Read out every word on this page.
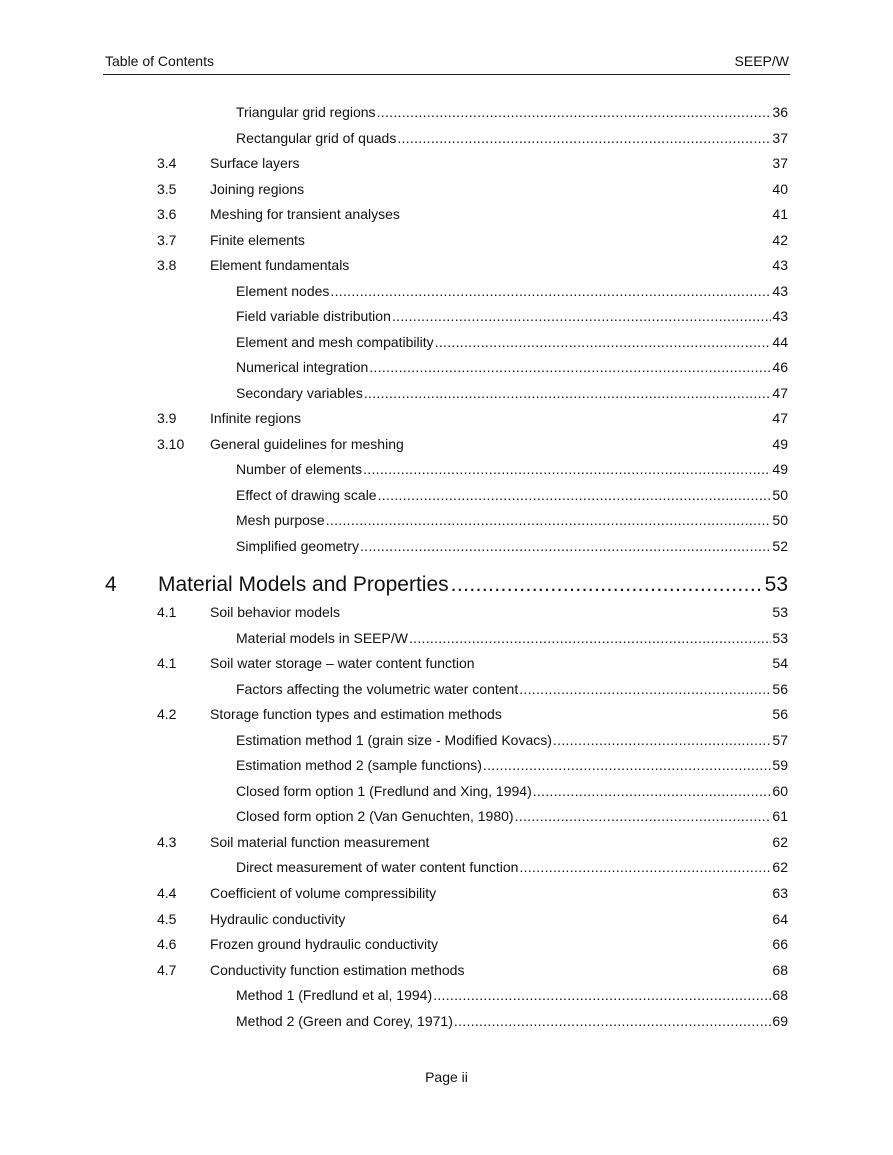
Table of Contents	SEEP/W
Triangular grid regions .....	36
Rectangular grid of quads .....	37
3.4 Surface layers	37
3.5 Joining regions	40
3.6 Meshing for transient analyses	41
3.7 Finite elements	42
3.8 Element fundamentals	43
Element nodes .....	43
Field variable distribution .....	43
Element and mesh compatibility .....	44
Numerical integration .....	46
Secondary variables .....	47
3.9 Infinite regions	47
3.10 General guidelines for meshing	49
Number of elements .....	49
Effect of drawing scale .....	50
Mesh purpose .....	50
Simplified geometry .....	52
4 Material Models and Properties .....	53
4.1 Soil behavior models	53
Material models in SEEP/W .....	53
4.1 Soil water storage – water content function	54
Factors affecting the volumetric water content .....	56
4.2 Storage function types and estimation methods	56
Estimation method 1 (grain size - Modified Kovacs) .....	57
Estimation method 2 (sample functions) .....	59
Closed form option 1 (Fredlund and Xing, 1994) .....	60
Closed form option 2 (Van Genuchten, 1980) .....	61
4.3 Soil material function measurement	62
Direct measurement of water content function .....	62
4.4 Coefficient of volume compressibility	63
4.5 Hydraulic conductivity	64
4.6 Frozen ground hydraulic conductivity	66
4.7 Conductivity function estimation methods	68
Method 1 (Fredlund et al, 1994) .....	68
Method 2 (Green and Corey, 1971) .....	69
Page ii
